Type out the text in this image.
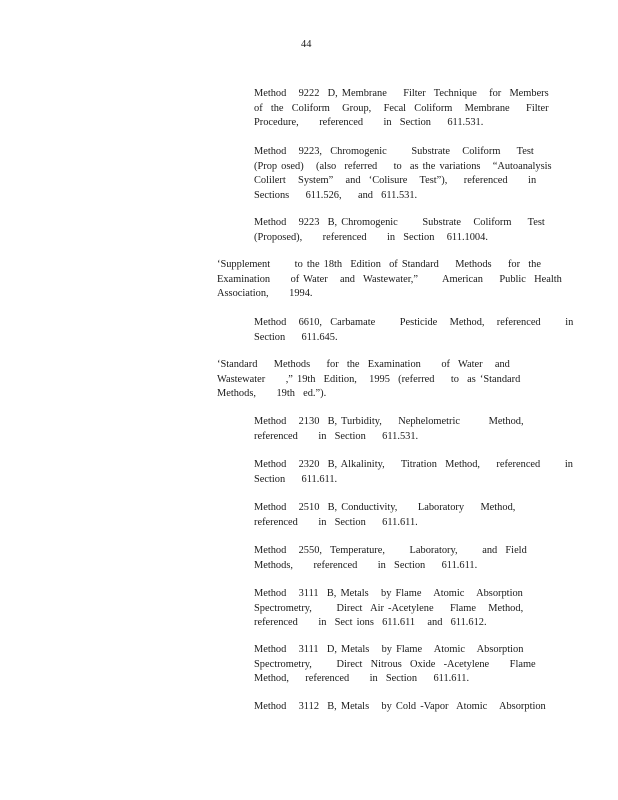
44
Method   9222  D, Membrane    Filter  Technique   for  Members
of  the  Coliform   Group,   Fecal  Coliform   Membrane    Filter
Procedure,     referenced     in  Section    611.531.
Method   9223,  Chromogenic      Substrate   Coliform    Test
(Prop osed)   (also  referred    to  as the variations   “Autoanalysis
Colilert   System”   and  ‘Colisure   Test”),    referenced     in
Sections    611.526,    and  611.531.
Method   9223  B, Chromogenic      Substrate   Coliform    Test
(Proposed),     referenced     in  Section   611.1004.
‘Supplement      to the 18th  Edition  of Standard    Methods    for  the
Examination     of Water   and  Wastewater,”      American    Public  Health
Association,     1994.
Method   6610,  Carbamate      Pesticide   Method,   referenced      in
Section    611.645.
‘Standard    Methods    for  the  Examination     of  Water   and
Wastewater     ,” 19th  Edition,   1995  (referred    to  as ‘Standard
Methods,     19th  ed.”).
Method   2130  B, Turbidity,    Nephelometric       Method,
referenced     in  Section    611.531.
Method   2320  B, Alkalinity,    Titration  Method,    referenced      in
Section    611.611.
Method   2510  B, Conductivity,     Laboratory    Method,
referenced     in  Section    611.611.
Method   2550,  Temperature,      Laboratory,      and  Field
Methods,     referenced     in  Section    611.611.
Method   3111  B, Metals   by Flame   Atomic   Absorption
Spectrometry,      Direct  Air -Acetylene    Flame   Method,
referenced     in  Sect ions  611.611   and  611.612.
Method   3111  D, Metals   by Flame   Atomic   Absorption
Spectrometry,      Direct  Nitrous  Oxide  -Acetylene     Flame
Method,    referenced     in  Section    611.611.
Method   3112  B, Metals   by Cold -Vapor  Atomic   Absorption
